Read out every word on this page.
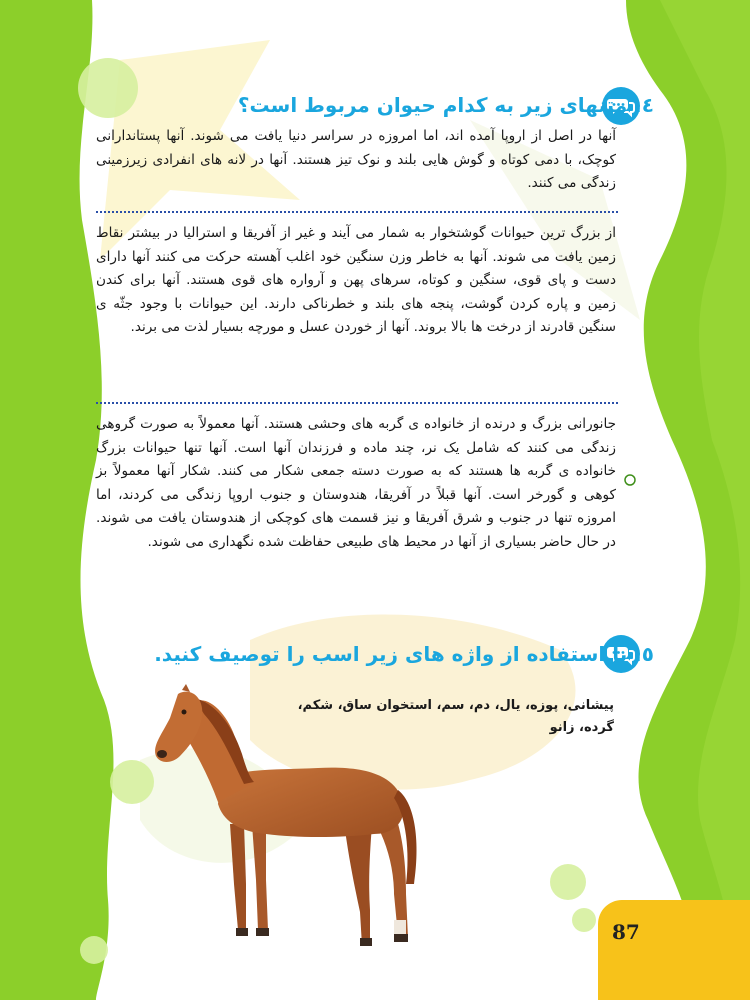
٤. متنهای زیر به کدام حیوان مربوط است؟
آنها در اصل از اروپا آمده اند، اما امروزه در سراسر دنیا یافت می شوند. آنها پستاندارانی کوچک، با دمی کوتاه و گوش هایی بلند و نوک تیز هستند. آنها در لانه های انفرادی زیرزمینی زندگی می کنند.
از بزرگ ترین حیوانات گوشتخوار به شمار می آیند و غیر از آفریقا و استرالیا در بیشتر نقاط زمین یافت می شوند. آنها به خاطر وزن سنگین خود اغلب آهسته حرکت می کنند آنها دارای دست و پای قوی، سنگین و کوتاه، سرهای پهن و آرواره های قوی هستند. آنها برای کندن زمین و پاره کردن گوشت، پنجه های بلند و خطرناکی دارند. این حیوانات با وجود جثّه ی سنگین قادرند از درخت ها بالا بروند. آنها از خوردن عسل و مورچه بسیار لذت می برند.
جانورانی بزرگ و درنده از خانواده ی گربه های وحشی هستند. آنها معمولاً به صورت گروهی زندگی می کنند که شامل یک نر، چند ماده و فرزندان آنها است. آنها تنها حیوانات بزرگ خانواده ی گربه ها هستند که به صورت دسته جمعی شکار می کنند. شکار آنها معمولاً بز کوهی و گورخر است. آنها قبلاً در آفریقا، هندوستان و جنوب اروپا زندگی می کردند، اما امروزه تنها در جنوب و شرق آفریقا و نیز قسمت های کوچکی از هندوستان یافت می شوند. در حال حاضر بسیاری از آنها در محیط های طبیعی حفاظت شده نگهداری می شوند.
٥. با استفاده از واژه های زیر اسب را توصیف کنید.
پیشانی، پوزه، یال، دم، سم، استخوان ساق، شکم،
گرده، زانو
87
